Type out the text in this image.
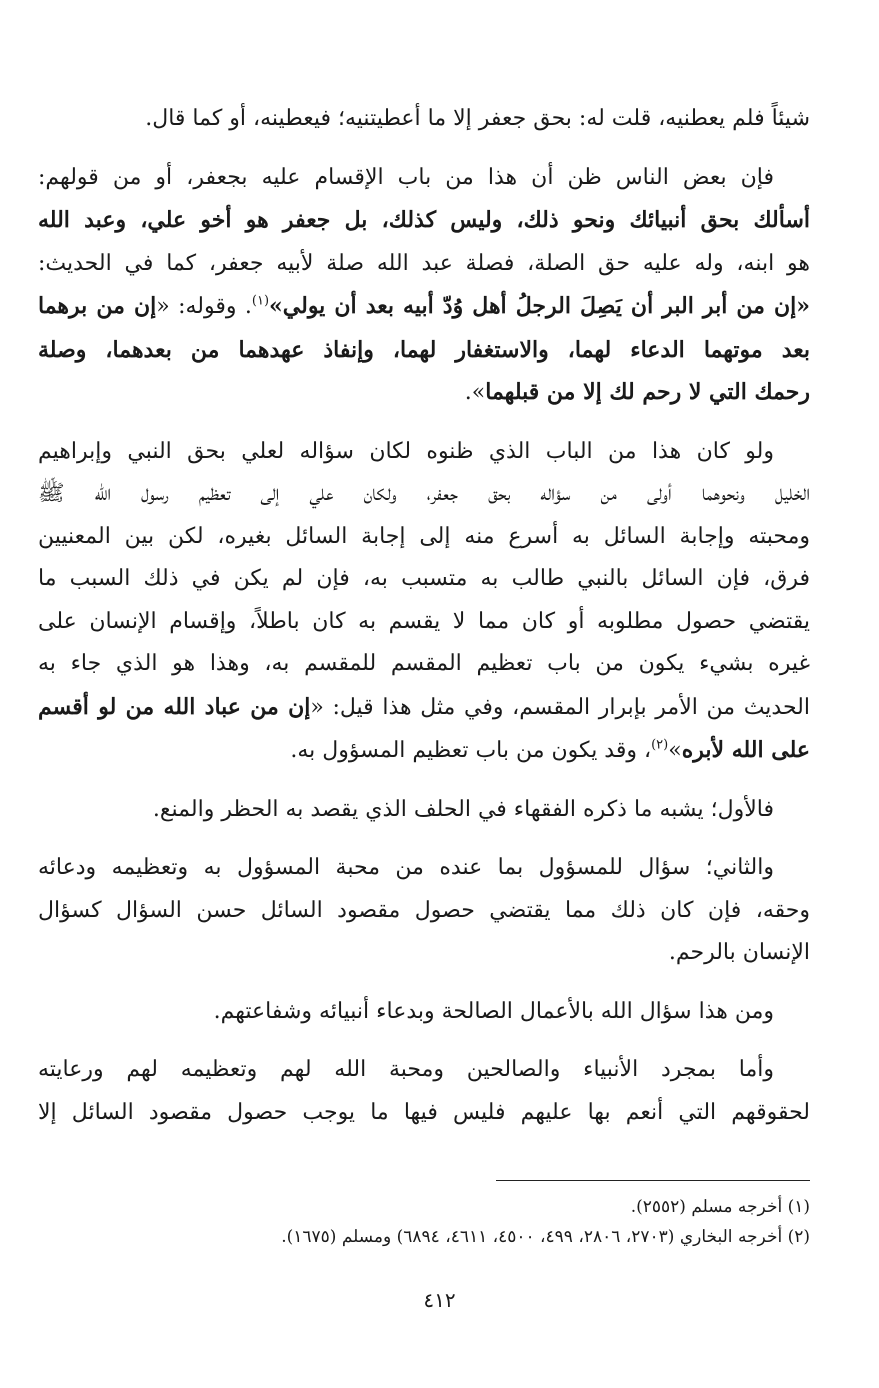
شيئاً فلم يعطنيه، قلت له: بحق جعفر إلا ما أعطيتنيه؛ فيعطينه، أو كما قال.
فإن بعض الناس ظن أن هذا من باب الإقسام عليه بجعفر، أو من قولهم:
أسألك بحق أنبيائك ونحو ذلك، وليس كذلك، بل جعفر هو أخو علي، وعبد الله
هو ابنه، وله عليه حق الصلة، فصلة عبد الله صلة لأبيه جعفر، كما في الحديث:
«إن من أبر البر أن يَصِلَ الرجلُ أهل وُدّ أبيه بعد أن يولي»$^{(١)}$. وقوله: «إن من برهما
بعد موتهما الدعاء لهما، والاستغفار لهما، وإنفاذ عهدهما من بعدهما، وصلة
رحمك التي لا رحم لك إلا من قبلهما».
ولو كان هذا من الباب الذي ظنوه لكان سؤاله لعلي بحق النبي وإبراهيم
الخليل ونحوهما أولى من سؤاله بحق جعفر، ولكان علي إلى تعظيم رسول الله ﷺ
ومحبته وإجابة السائل به أسرع منه إلى إجابة السائل بغيره، لكن بين المعنيين
فرق، فإن السائل بالنبي طالب به متسبب به، فإن لم يكن في ذلك السبب ما
يقتضي حصول مطلوبه أو كان مما لا يقسم به كان باطلاً، وإقسام الإنسان على
غيره بشيء يكون من باب تعظيم المقسم للمقسم به، وهذا هو الذي جاء به
الحديث من الأمر بإبرار المقسم، وفي مثل هذا قيل: «إن من عباد الله من لو أقسم
على الله لأبره»$^{(٢)}$، وقد يكون من باب تعظيم المسؤول به.
فالأول؛ يشبه ما ذكره الفقهاء في الحلف الذي يقصد به الحظر والمنع.
والثاني؛ سؤال للمسؤول بما عنده من محبة المسؤول به وتعظيمه ودعائه
وحقه، فإن كان ذلك مما يقتضي حصول مقصود السائل حسن السؤال كسؤال
الإنسان بالرحم.
ومن هذا سؤال الله بالأعمال الصالحة وبدعاء أنبيائه وشفاعتهم.
وأما بمجرد الأنبياء والصالحين ومحبة الله لهم وتعظيمه لهم ورعايته
لحقوقهم التي أنعم بها عليهم فليس فيها ما يوجب حصول مقصود السائل إلا
(١) أخرجه مسلم (٢٥٥٢).
(٢) أخرجه البخاري (٢٧٠٣، ٢٨٠٦، ٤٩٩، ٤٥٠٠، ٤٦١١، ٦٨٩٤) ومسلم (١٦٧٥).
٤١٢
